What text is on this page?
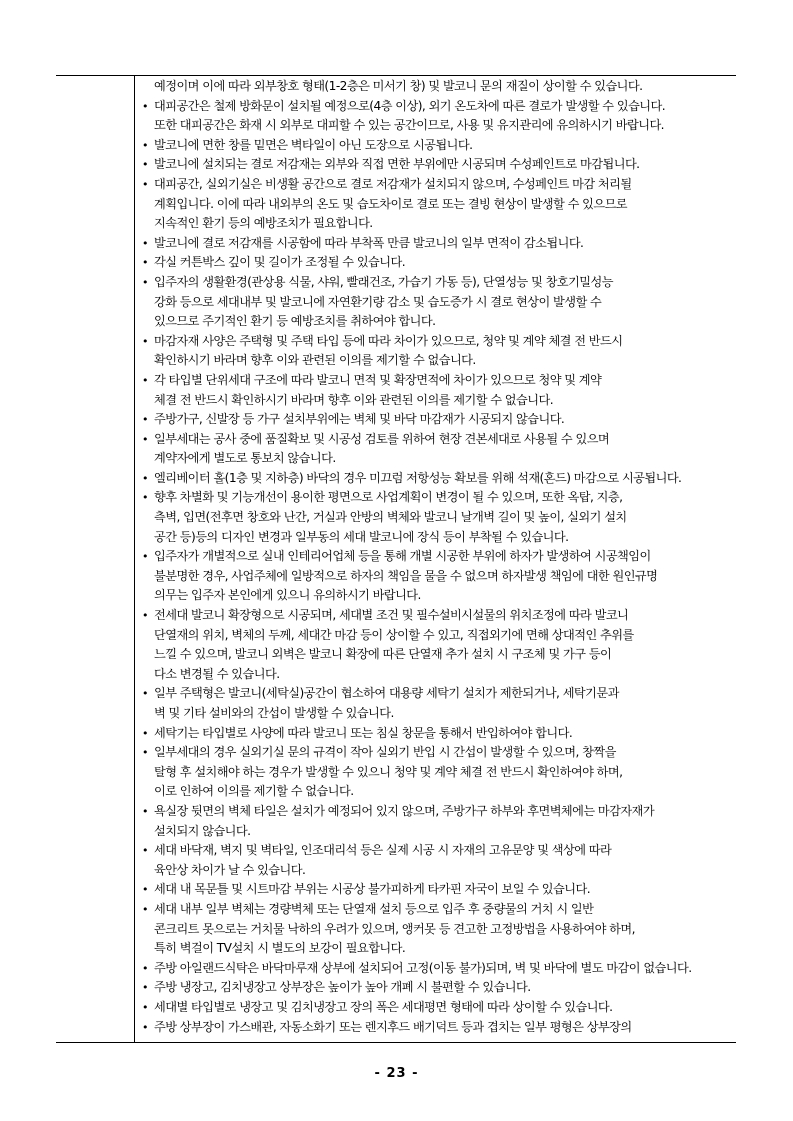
예정이며 이에 따라 외부창호 형태(1-2층은 미서기 창) 및 발코니 문의 재질이 상이할 수 있습니다.
• 대피공간은 철제 방화문이 설치될 예정으로(4층 이상), 외기 온도차에 따른 결로가 발생할 수 있습니다.
또한 대피공간은 화재 시 외부로 대피할 수 있는 공간이므로, 사용 및 유지관리에 유의하시기 바랍니다.
• 발코니에 면한 창를 밑면은 벽타일이 아닌 도장으로 시공됩니다.
• 발코니에 설치되는 결로 저감재는 외부와 직접 면한 부위에만 시공되며 수성페인트로 마감됩니다.
• 대피공간, 실외기실은 비생활 공간으로 결로 저감재가 설치되지 않으며, 수성페인트 마감 처리될
계획입니다. 이에 따라 내외부의 온도 및 습도차이로 결로 또는 결빙 현상이 발생할 수 있으므로
지속적인 환기 등의 예방조치가 필요합니다.
• 발코니에 결로 저감재를 시공함에 따라 부착폭 만큼 발코니의 일부 면적이 감소됩니다.
• 각실 커튼박스 깊이 및 길이가 조정될 수 있습니다.
• 입주자의 생활환경(관상용 식물, 샤워, 빨래건조, 가습기 가동 등), 단열성능 및 창호기밀성능
강화 등으로 세대내부 및 발코니에 자연환기량 감소 및 습도증가 시 결로 현상이 발생할 수
있으므로 주기적인 환기 등 예방조치를 취하여야 합니다.
• 마감자재 사양은 주택형 및 주택 타입 등에 따라 차이가 있으므로, 청약 및 계약 체결 전 반드시
확인하시기 바라며 향후 이와 관련된 이의를 제기할 수 없습니다.
• 각 타입별 단위세대 구조에 따라 발코니 면적 및 확장면적에 차이가 있으므로 청약 및 계약
체결 전 반드시 확인하시기 바라며 향후 이와 관련된 이의를 제기할 수 없습니다.
• 주방가구, 신발장 등 가구 설치부위에는 벽체 및 바닥 마감재가 시공되지 않습니다.
• 일부세대는 공사 중에 품질확보 및 시공성 검토를 위하여 현장 견본세대로 사용될 수 있으며
계약자에게 별도로 통보치 않습니다.
• 엘리베이터 홀(1층 및 지하층) 바닥의 경우 미끄럼 저항성능 확보를 위해 석재(혼드) 마감으로 시공됩니다.
• 향후 차별화 및 기능개선이 용이한 평면으로 사업계획이 변경이 될 수 있으며, 또한 옥탑, 지층,
측벽, 입면(전후면 창호와 난간, 거실과 안방의 벽체와 발코니 날개벽 길이 및 높이, 실외기 설치
공간 등)등의 디자인 변경과 일부동의 세대 발코니에 장식 등이 부착될 수 있습니다.
• 입주자가 개별적으로 실내 인테리어업체 등을 통해 개별 시공한 부위에 하자가 발생하여 시공책임이
불분명한 경우, 사업주체에 일방적으로 하자의 책임을 물을 수 없으며 하자발생 책임에 대한 원인규명
의무는 입주자 본인에게 있으니 유의하시기 바랍니다.
• 전세대 발코니 확장형으로 시공되며, 세대별 조건 및 필수설비시설물의 위치조정에 따라 발코니
단열재의 위치, 벽체의 두께, 세대간 마감 등이 상이할 수 있고, 직접외기에 면해 상대적인 추위를
느낄 수 있으며, 발코니 외벽은 발코니 확장에 따른 단열재 추가 설치 시 구조체 및 가구 등이
다소 변경될 수 있습니다.
• 일부 주택형은 발코니(세탁실)공간이 협소하여 대용량 세탁기 설치가 제한되거나, 세탁기문과
벽 및 기타 설비와의 간섭이 발생할 수 있습니다.
• 세탁기는 타입별로 사양에 따라 발코니 또는 침실 창문을 통해서 반입하여야 합니다.
• 일부세대의 경우 실외기실 문의 규격이 작아 실외기 반입 시 간섭이 발생할 수 있으며, 창짝을
탈형 후 설치해야 하는 경우가 발생할 수 있으니 청약 및 계약 체결 전 반드시 확인하여야 하며,
이로 인하여 이의를 제기할 수 없습니다.
• 욕실장 뒷면의 벽체 타일은 설치가 예정되어 있지 않으며, 주방가구 하부와 후면벽체에는 마감자재가
설치되지 않습니다.
• 세대 바닥재, 벽지 및 벽타일, 인조대리석 등은 실제 시공 시 자재의 고유문양 및 색상에 따라
육안상 차이가 날 수 있습니다.
• 세대 내 목문틀 및 시트마감 부위는 시공상 불가피하게 타카핀 자국이 보일 수 있습니다.
• 세대 내부 일부 벽체는 경량벽체 또는 단열재 설치 등으로 입주 후 중량물의 거치 시 일반
콘크리트 못으로는 거치물 낙하의 우려가 있으며, 앵커못 등 견고한 고정방법을 사용하여야 하며,
특히 벽걸이 TV설치 시 별도의 보강이 필요합니다.
• 주방 아일랜드식탁은 바닥마루재 상부에 설치되어 고정(이동 불가)되며, 벽 및 바닥에 별도 마감이 없습니다.
• 주방 냉장고, 김치냉장고 상부장은 높이가 높아 개폐 시 불편할 수 있습니다.
• 세대별 타입별로 냉장고 및 김치냉장고 장의 폭은 세대평면 형태에 따라 상이할 수 있습니다.
• 주방 상부장이 가스배관, 자동소화기 또는 렌지후드 배기덕트 등과 겹치는 일부 평형은 상부장의
- 23 -
